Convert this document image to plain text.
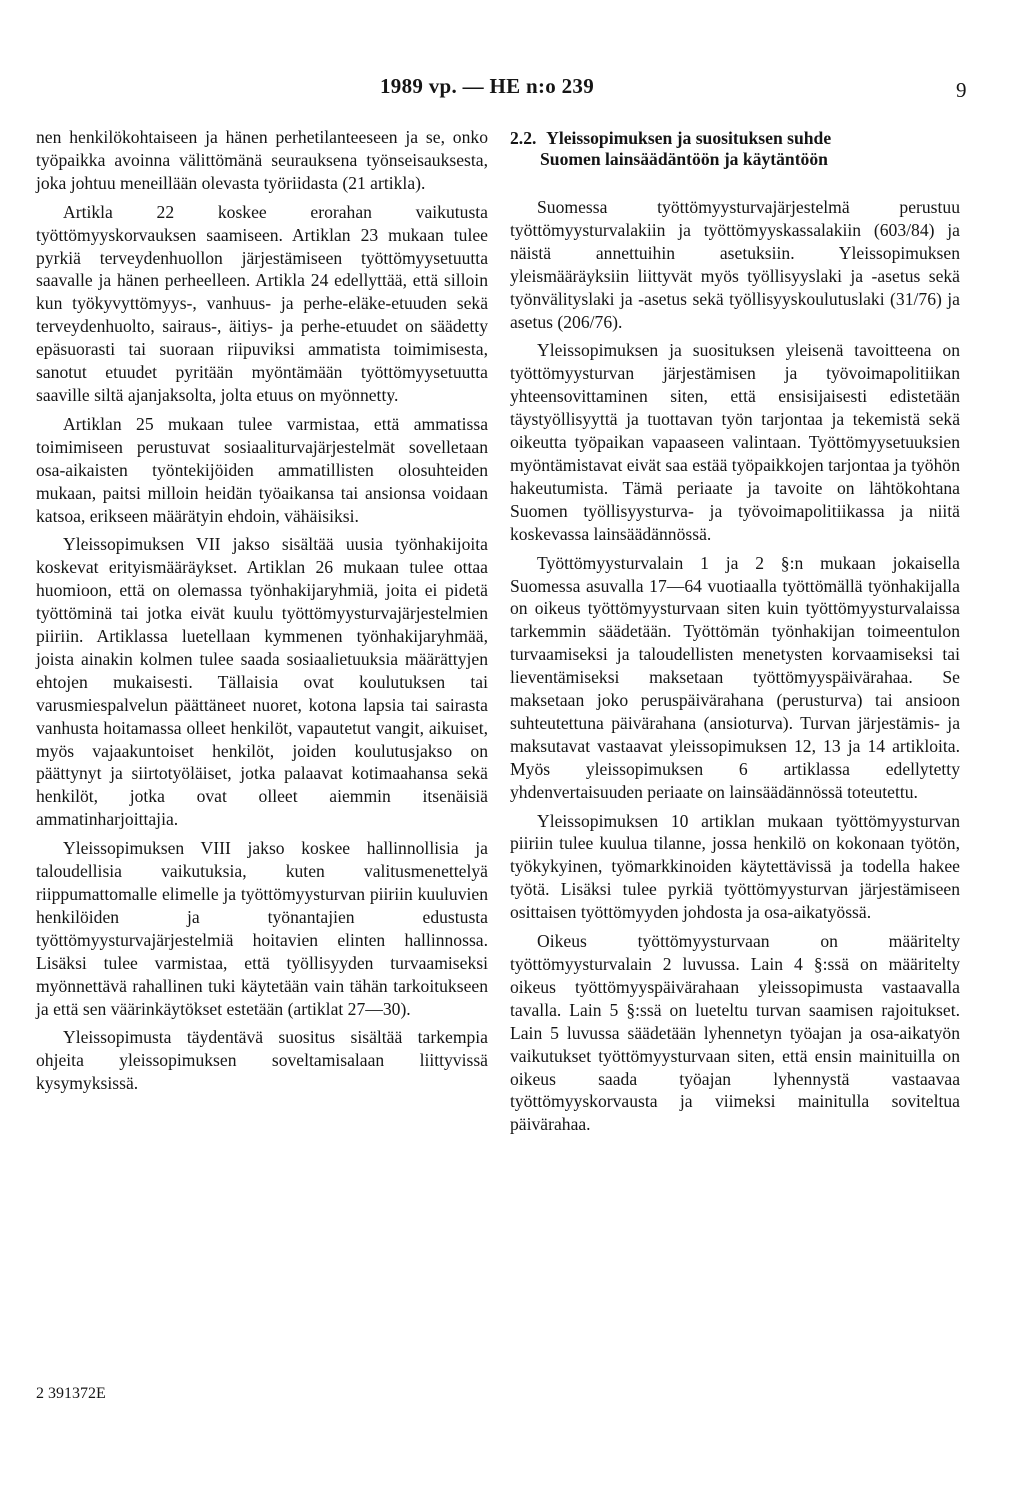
1989 vp. — HE n:o 239	9

nen henkilökohtaiseen ja hänen perhetilanteeseen ja se, onko työpaikka avoinna välittömänä seurauksena työnseisauksesta, joka johtuu meneillään olevasta työriidasta (21 artikla).

Artikla 22 koskee erorahan vaikutusta työttömyyskorvauksen saamiseen. Artiklan 23 mukaan tulee pyrkiä terveydenhuollon järjestämiseen työttömyysetuutta saavalle ja hänen perheelleen. Artikla 24 edellyttää, että silloin kun työkyvyttömyys-, vanhuus- ja perhe-eläke-etuuden sekä terveydenhuolto, sairaus-, äitiys- ja perhe-etuudet on säädetty epäsuorasti tai suoraan riipuviksi ammatista toimimisesta, sanotut etuudet pyritään myöntämään työttömyysetuutta saaville siltä ajanjaksolta, jolta etuus on myönnetty.

Artiklan 25 mukaan tulee varmistaa, että ammatissa toimimiseen perustuvat sosiaaliturvajärjestelmät sovelletaan osa-aikaisten työntekijöiden ammatillisten olosuhteiden mukaan, paitsi milloin heidän työaikansa tai ansionsa voidaan katsoa, erikseen määrätyin ehdoin, vähäisiksi.

Yleissopimuksen VII jakso sisältää uusia työnhakijoita koskevat erityismääräykset. Artiklan 26 mukaan tulee ottaa huomioon, että on olemassa työnhakijaryhmiä, joita ei pidetä työttöminä tai jotka eivät kuulu työttömyysturvajärjestelmien piiriin. Artiklassa luetellaan kymmenen työnhakijaryhmää, joista ainakin kolmen tulee saada sosiaalietuuksia määrättyjen ehtojen mukaisesti. Tällaisia ovat koulutuksen tai varusmiespalvelun päättäneet nuoret, kotona lapsia tai sairasta vanhusta hoitamassa olleet henkilöt, vapautetut vangit, aikuiset, myös vajaakuntoiset henkilöt, joiden koulutusjakso on päättynyt ja siirtotyöläiset, jotka palaavat kotimaahansa sekä henkilöt, jotka ovat olleet aiemmin itsenäisiä ammatinharjoittajia.

Yleissopimuksen VIII jakso koskee hallinnollisia ja taloudellisia vaikutuksia, kuten valitusmenettelyä riippumattomalle elimelle ja työttömyysturvan piiriin kuuluvien henkilöiden ja työnantajien edustusta työttömyysturvajärjestelmiä hoitavien elinten hallinnossa. Lisäksi tulee varmistaa, että työllisyyden turvaamiseksi myönnettävä rahallinen tuki käytetään vain tähän tarkoitukseen ja että sen väärinkäytökset estetään (artiklat 27—30).

Yleissopimusta täydentävä suositus sisältää tarkempia ohjeita yleissopimuksen soveltamisalaan liittyvissä kysymyksissä.

2.2. Yleissopimuksen ja suosituksen suhde
Suomen lainsäädäntöön ja käytäntöön

Suomessa työttömyysturvajärjestelmä perustuu työttömyysturvalakiin ja työttömyyskassalakiin (603/84) ja näistä annettuihin asetuksiin. Yleissopimuksen yleismääräyksiin liittyvät myös työllisyyslaki ja -asetus sekä työnvälityslaki ja -asetus sekä työllisyyskoulutuslaki (31/76) ja asetus (206/76).

Yleissopimuksen ja suosituksen yleisenä tavoitteena on työttömyysturvan järjestämisen ja työvoimapolitiikan yhteensovittaminen siten, että ensisijaisesti edistetään täystyöllisyyttä ja tuottavan työn tarjontaa ja tekemistä sekä oikeutta työpaikan vapaaseen valintaan. Työttömyysetuuksien myöntämistavat eivät saa estää työpaikkojen tarjontaa ja työhön hakeutumista. Tämä periaate ja tavoite on lähtökohtana Suomen työllisyysturva- ja työvoimapolitiikassa ja niitä koskevassa lainsäädännössä.

Työttömyysturvalain 1 ja 2 §:n mukaan jokaisella Suomessa asuvalla 17—64 vuotiaalla työttömällä työnhakijalla on oikeus työttömyysturvaan siten kuin työttömyysturvalaissa tarkemmin säädetään. Työttömän työnhakijan toimeentulon turvaamiseksi ja taloudellisten menetysten korvaamiseksi tai lieventämiseksi maksetaan työttömyyspäivärahaa. Se maksetaan joko peruspäivärahana (perusturva) tai ansioon suhteutettuna päivärahana (ansioturva). Turvan järjestämis- ja maksutavat vastaavat yleissopimuksen 12, 13 ja 14 artikloita. Myös yleissopimuksen 6 artiklassa edellytetty yhdenvertaisuuden periaate on lainsäädännössä toteutettu.

Yleissopimuksen 10 artiklan mukaan työttömyysturvan piiriin tulee kuulua tilanne, jossa henkilö on kokonaan työtön, työkykyinen, työmarkkinoiden käytettävissä ja todella hakee työtä. Lisäksi tulee pyrkiä työttömyysturvan järjestämiseen osittaisen työttömyyden johdosta ja osa-aikatyössä.

Oikeus työttömyysturvaan on määritelty työttömyysturvalain 2 luvussa. Lain 4 §:ssä on määritelty oikeus työttömyyspäivärahaan yleissopimusta vastaavalla tavalla. Lain 5 §:ssä on lueteltu turvan saamisen rajoitukset. Lain 5 luvussa säädetään lyhennetyn työajan ja osa-aikatyön vaikutukset työttömyysturvaan siten, että ensin mainituilla on oikeus saada työajan lyhennystä vastaavaa työttömyyskorvausta ja viimeksi mainitulla soviteltua päivärahaa.

2 391372E
